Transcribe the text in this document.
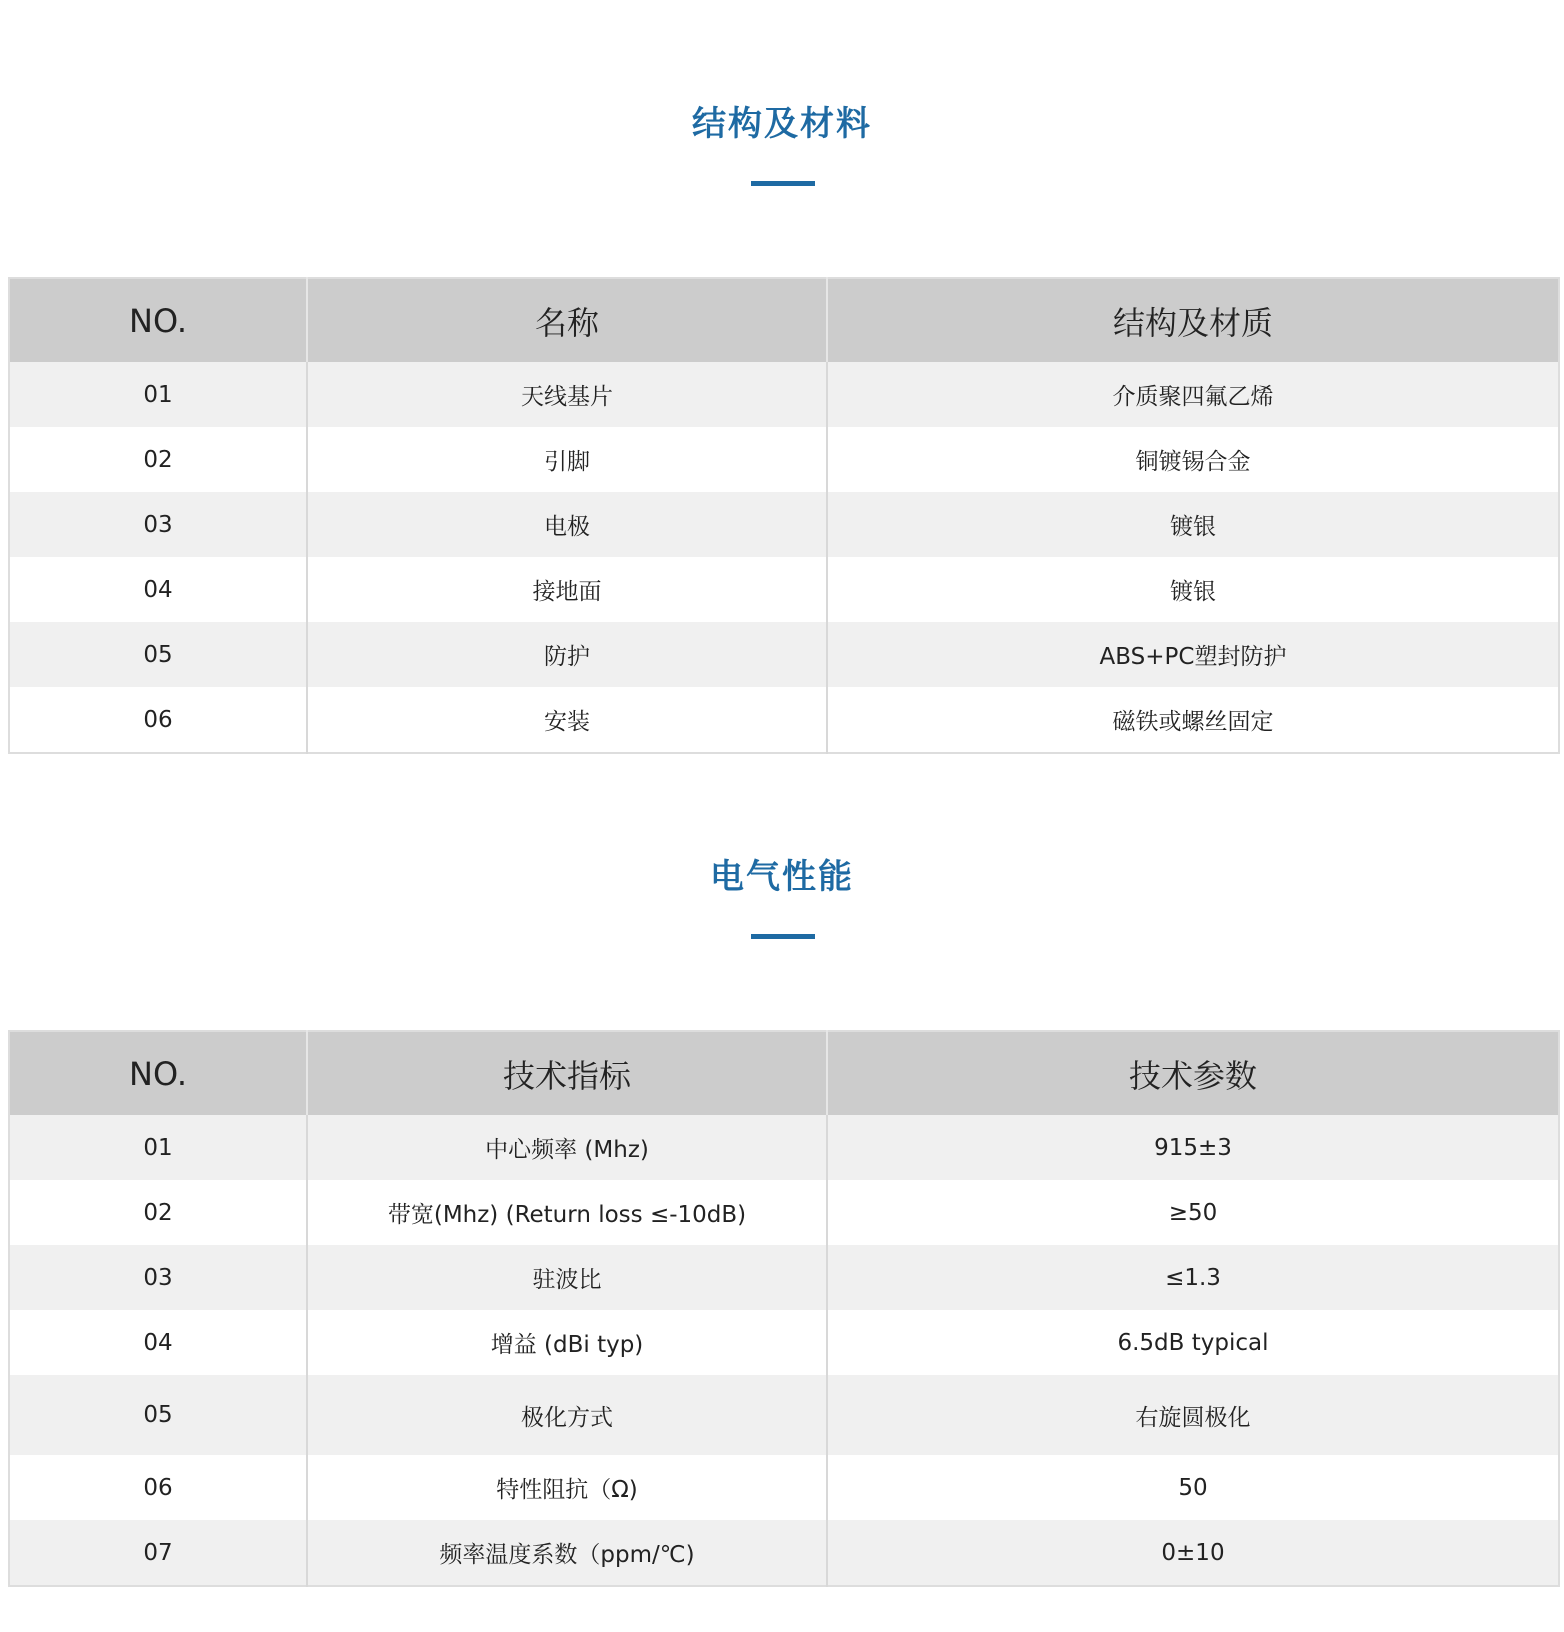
结构及材料
NO.	名称	结构及材质
01	天线基片	介质聚四氟乙烯
02	引脚	铜镀锡合金
03	电极	镀银
04	接地面	镀银
05	防护	ABS+PC塑封防护
06	安装	磁铁或螺丝固定
电气性能
NO.	技术指标	技术参数
01	中心频率 (Mhz)	915±3
02	带宽(Mhz) (Return loss ≤-10dB)	≥50
03	驻波比	≤1.3
04	增益 (dBi typ)	6.5dB typical
05	极化方式	右旋圆极化
06	特性阻抗（Ω)	50
07	频率温度系数（ppm/℃)	0±10
